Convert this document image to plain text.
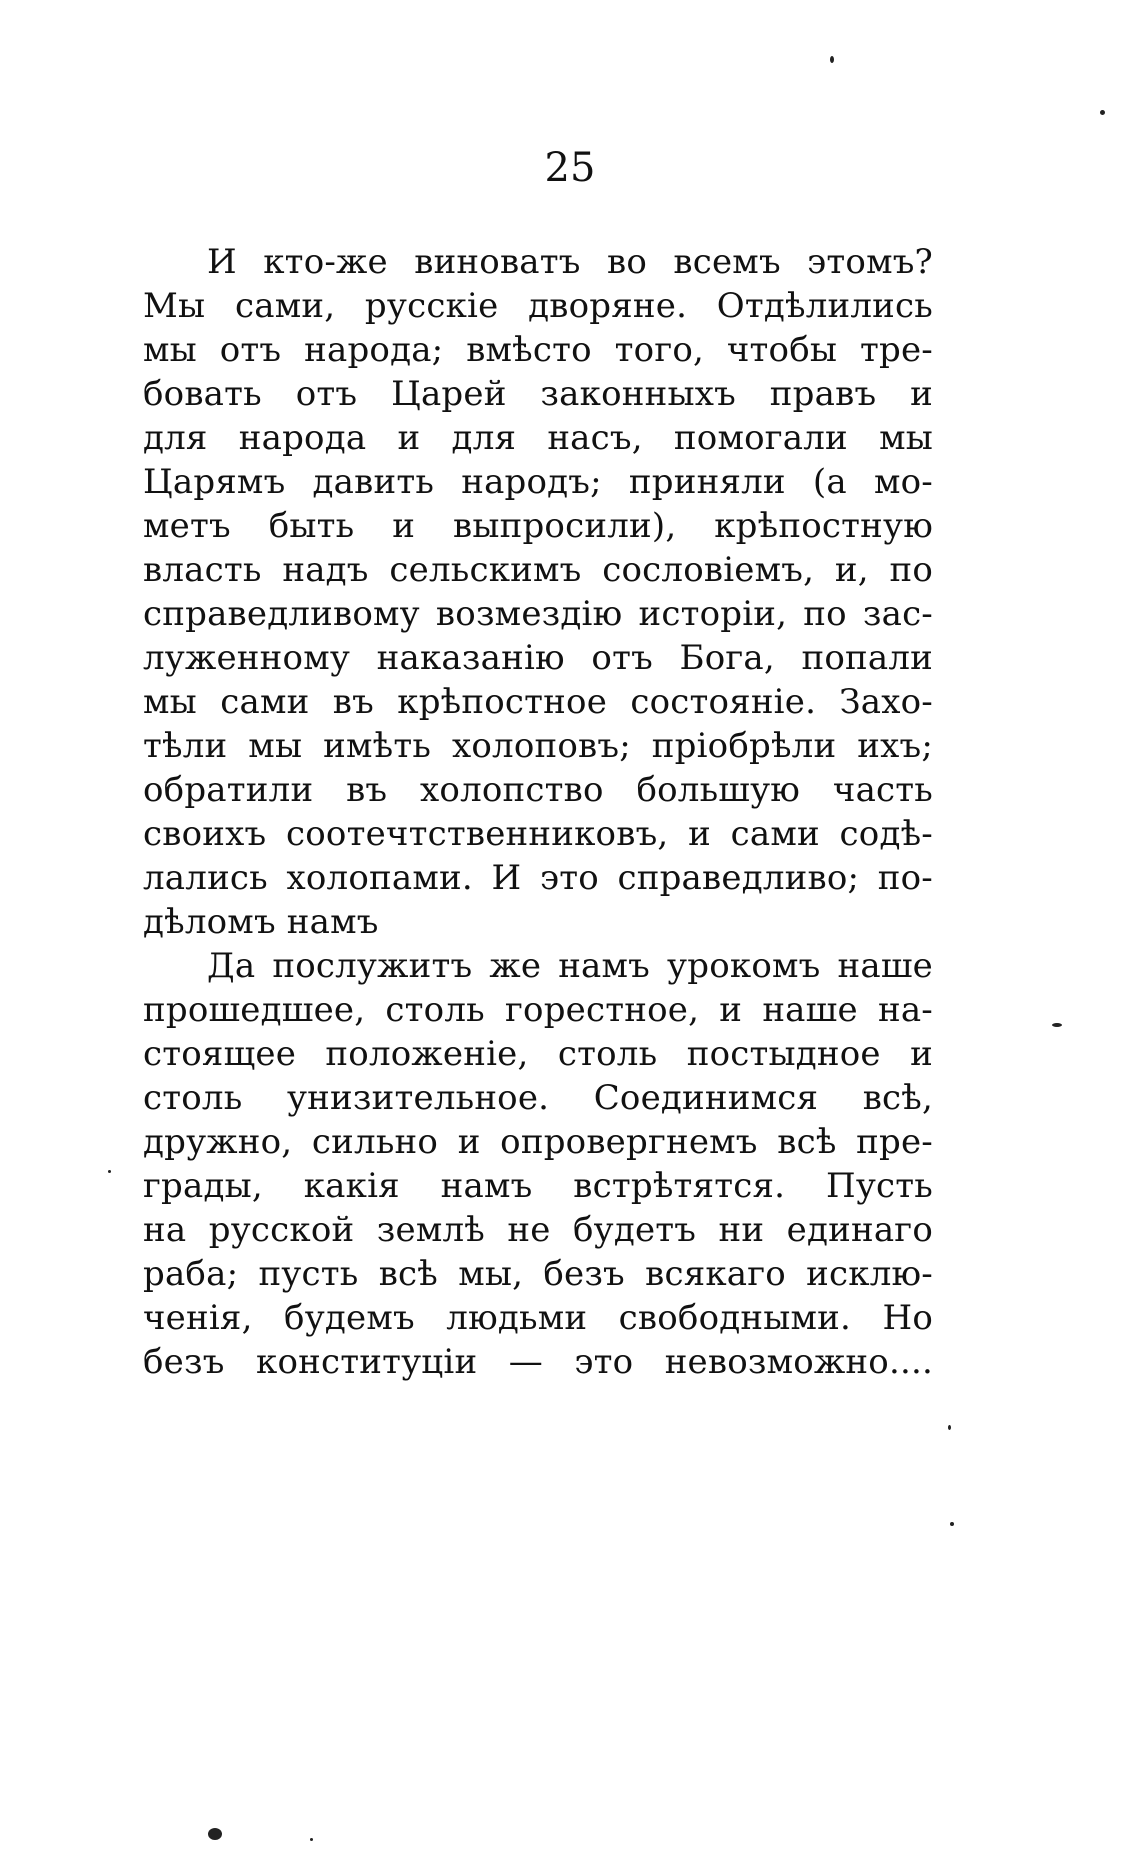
25
И кто-же виноватъ во всемъ этомъ?
Мы сами, русскіе дворяне. Отдѣлились
мы отъ народа; вмѣсто того, чтобы тре-
бовать отъ Царей законныхъ правъ и
для народа и для насъ, помогали мы
Царямъ давить народъ; приняли (а мо-
метъ быть и выпросили), крѣпостную
власть надъ сельскимъ сословіемъ, и, по
справедливому возмездію исторіи, по зас-
луженному наказанію отъ Бога, попали
мы сами въ крѣпостное состояніе. Захо-
тѣли мы имѣть холоповъ; пріобрѣли ихъ;
обратили въ холопство большую часть
своихъ соотечтственниковъ, и сами содѣ-
лались холопами. И это справедливо; по-
дѣломъ намъ
Да послужитъ же намъ урокомъ наше
прошедшее, столь горестное, и наше на-
стоящее положеніе, столь постыдное и
столь унизительное. Соединимся всѣ,
дружно, сильно и опровергнемъ всѣ пре-
грады, какія намъ встрѣтятся. Пусть
на русской землѣ не будетъ ни единаго
раба; пусть всѣ мы, безъ всякаго исклю-
ченія, будемъ людьми свободными. Но
безъ конституціи — это невозможно....
